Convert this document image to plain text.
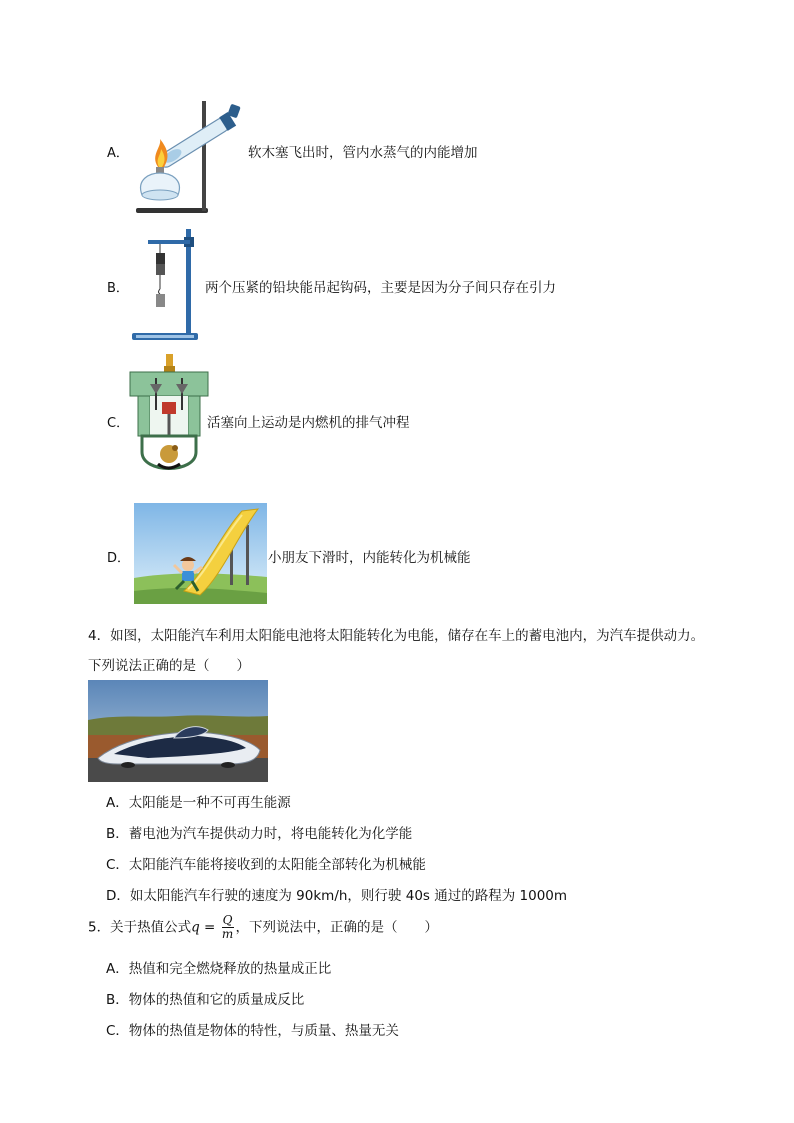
A．	软木塞飞出时，管内水蒸气的内能增加
B．	两个压紧的铅块能吊起钩码，主要是因为分子间只存在引力
C．	活塞向上运动是内燃机的排气冲程
D．	小朋友下滑时，内能转化为机械能
4．如图，太阳能汽车利用太阳能电池将太阳能转化为电能，储存在车上的蓄电池内，为汽车提供动力。
下列说法正确的是（　　）
A．太阳能是一种不可再生能源
B．蓄电池为汽车提供动力时，将电能转化为化学能
C．太阳能汽车能将接收到的太阳能全部转化为机械能
D．如太阳能汽车行驶的速度为 90km/h，则行驶 40s 通过的路程为 1000m
5．关于热值公式$q = \frac{Q}{m}$ ，下列说法中，正确的是（　　）
A．热值和完全燃烧释放的热量成正比
B．物体的热值和它的质量成反比
C．物体的热值是物体的特性，与质量、热量无关
